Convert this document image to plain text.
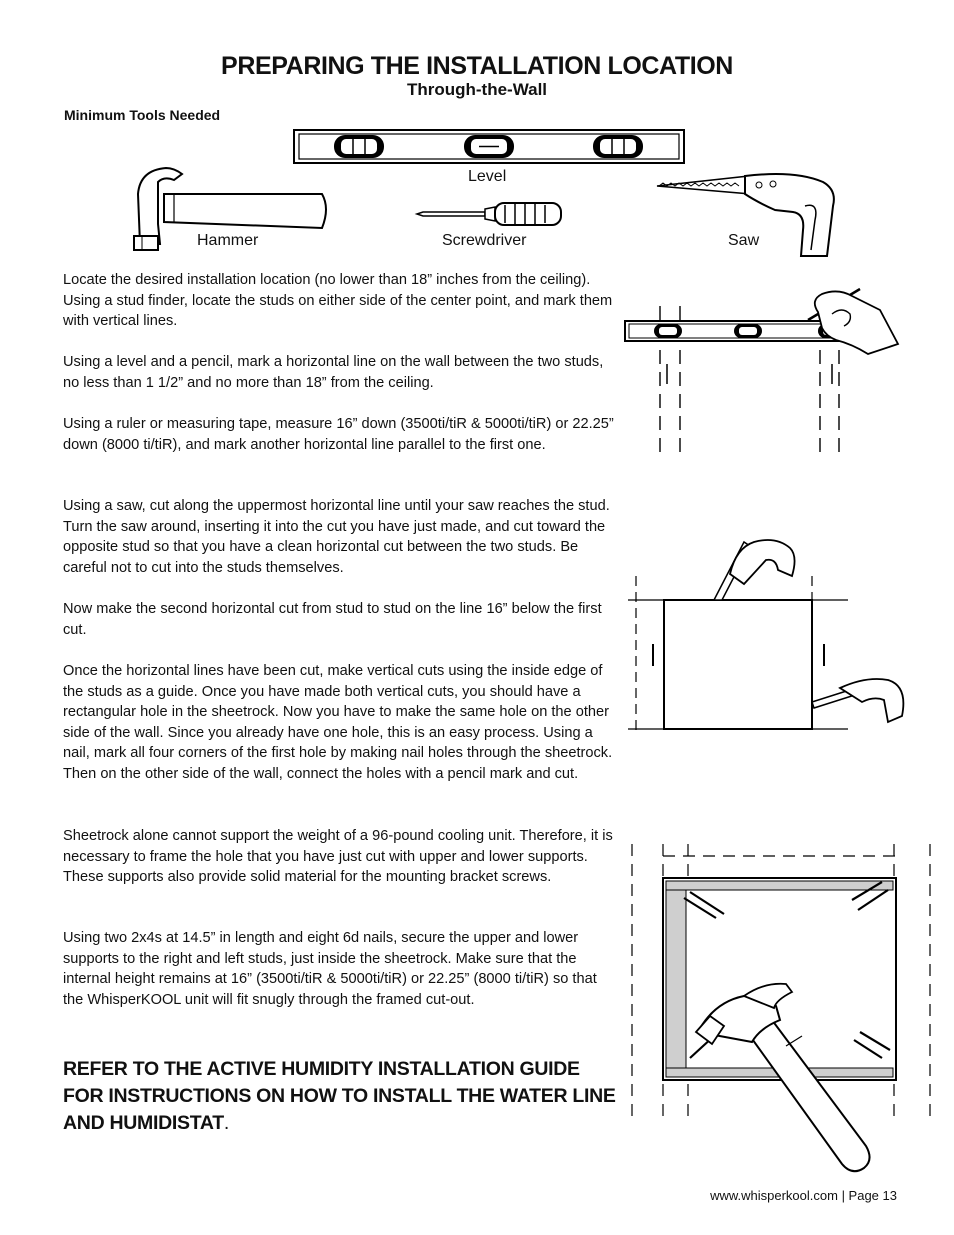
PREPARING THE INSTALLATION LOCATION
Through-the-Wall
Minimum Tools Needed
Level
Hammer	Screwdriver	Saw

Locate the desired installation location (no lower than 18” inches from the ceiling). Using a stud finder, locate the studs on either side of the center point, and mark them with vertical lines.

Using a level and a pencil, mark a horizontal line on the wall between the two studs, no less than 1 1/2” and no more than 18” from the ceiling.

Using a ruler or measuring tape, measure 16” down (3500ti/tiR & 5000ti/tiR) or 22.25” down (8000 ti/tiR), and mark another horizontal line parallel to the first one.

Using a saw, cut along the uppermost horizontal line until your saw reaches the stud. Turn the saw around, inserting it into the cut you have just made, and cut toward the opposite stud so that you have a clean horizontal cut between the two studs. Be careful not to cut into the studs themselves.

Now make the second horizontal cut from stud to stud on the line 16” below the first cut.

Once the horizontal lines have been cut, make vertical cuts using the inside edge of the studs as a guide. Once you have made both vertical cuts, you should have a rectangular hole in the sheetrock. Now you have to make the same hole on the other side of the wall. Since you already have one hole, this is an easy process. Using a nail, mark all four corners of the first hole by making nail holes through the sheetrock. Then on the other side of the wall, connect the holes with a pencil mark and cut.

Sheetrock alone cannot support the weight of a 96-pound cooling unit. Therefore, it is necessary to frame the hole that you have just cut with upper and lower supports. These supports also provide solid material for the mounting bracket screws.

Using two 2x4s at 14.5” in length and eight 6d nails, secure the upper and lower supports to the right and left studs, just inside the sheetrock. Make sure that the internal height remains at 16” (3500ti/tiR & 5000ti/tiR) or 22.25” (8000 ti/tiR) so that the WhisperKOOL unit will fit snugly through the framed cut-out.

REFER TO THE ACTIVE HUMIDITY INSTALLATION GUIDE FOR INSTRUCTIONS ON HOW TO INSTALL THE WATER LINE AND HUMIDISTAT.
www.whisperkool.com | Page 13
